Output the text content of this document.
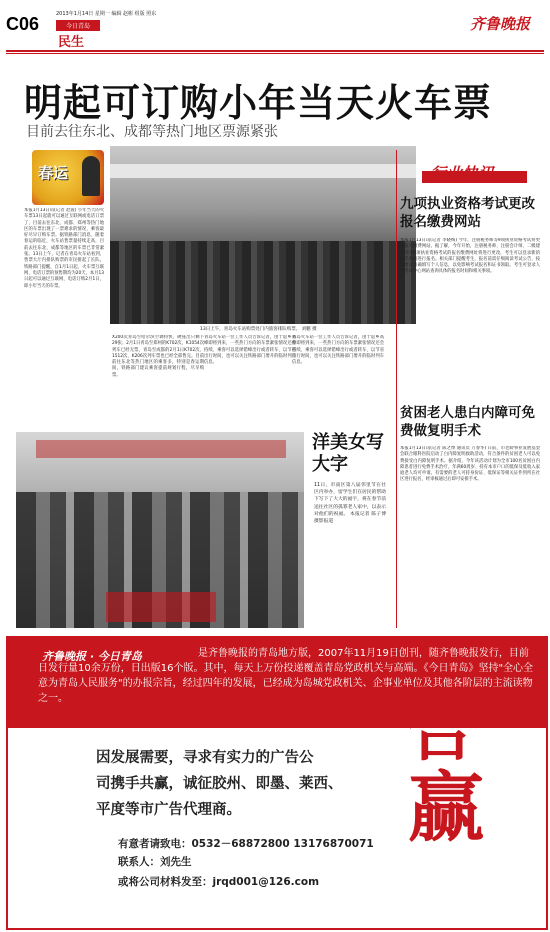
C06	2013年1月14日 星期一 编辑 赵彬 组版 照东
今日青岛
民生
齐鲁晚报
明起可订购小年当天火车票
目前去往东北、成都等热门地区票源紧张
春运
13日上午，青岛火车站购票处门内旅客排队购票。 刘鹏 摄
本报1月13日讯(记者 赵波) 小年当天的火车票13日起就可以通过互联网或电话订票了，目前去往东北、成都、郑州等热门地区的车票出现了一票难求的情况，乘客最好尽早订购车票。据铁路部门消息，随着春运的临近，火车站售票量持续走高，目前去往东北、成都等地区的车票已非常紧张。13日上午，记者在青岛火车站看到，售票大厅内排队购票的市民排起了长队。铁路部门提醒，自1月1日起，火车票互联网、电话订票的预售期均为20天，本月13日起可以通过互联网、电话订购2月1日，即小年当天的车票。
X200次青岛至哈尔滨空调特快，硬座出只剩下29张；2月1日青岛至郑州的K702次、K1054次列车已经无票，青岛至成都的2月1日K702次、1512次、K206次列车票也已经全部售完。目前前往东北等热门地区的乘客多，特别是春运期间，铁路部门建议乘客提前规划行程，尽早购票。
青岛火车站一位工作人员告诉记者，由于返乡高峰即将到来，一些热门方向的车票紧张情况还会持续，乘客可以选择错峰出行或者转车，以节省出行时间，也可以关注铁路部门增开的临时列车信息。
青岛火车站一位工作人员告诉记者，由于返乡高峰即将到来，一些热门方向的车票紧张情况还会持续，乘客可以选择错峰出行或者转车，以节省出行时间，也可以关注铁路部门增开的临时列车信息。
洋美女写大字
11日，市南区第八届邻里节在社区内举办，留学生们在居民的帮助下写下了大大的福字，将在春节前送往社区的孤寡老人家中，以表示对他们的祝福。 本报记者 陈子博 摄影报道
行业快讯
九项执业资格考试更改报名缴费网站
本报1月13日讯(记者 李晓梅) 今年，注册税务师等9项执业资格考试将更改报名缴费网站。据了解，今年开始，注册税务师、注册会计师、二级建造师等9项执业资格考试的报名缴费网址将进行更改，考生可以登录新的报名系统进行报名。相关部门提醒考生，报名前需仔细阅读考试公告，按照要求准确填写个人信息，以免影响考试报名和证书领取。考生可登录人事考试中心网站查询具体的报名时间和相关事项。
贫困老人患白内障可免费做复明手术
本报1月13日讯(记者 陈之博 通讯员 万春华) 日前，市老龄事业发展基金会联合眼科医院启动了白内障复明救助活动，符合条件的贫困老人可以免费接受白内障复明手术。据介绍，今年该活动计划为全市100名贫困白内障患者进行免费手术治疗，年满60周岁、持有本市户口的低保及低收入家庭老人均可申请。有需要的老人可持身份证、低保证等相关证件到所在社区进行报名，经审核通过后即可安排手术。
齐鲁晚报 · 今日青岛	是齐鲁晚报的青岛地方版，2007年11月19日创刊，随齐鲁晚报发行，目前日发行量10余万份，日出版16个版。其中，每天上万份投递覆盖青岛党政机关与高端。《今日青岛》坚持"全心全意为青岛人民服务"的办报宗旨，经过四年的发展，已经成为岛城党政机关、企事业单位及其他各阶层的主流读物之一。
因发展需要，寻求有实力的广告公
司携手共赢，诚征胶州、即墨、莱西、
平度等市广告代理商。
有意者请致电：0532－68872800 13176870071
联系人：刘先生
或将公司材料发至：jrqd001@126.com
合
赢
